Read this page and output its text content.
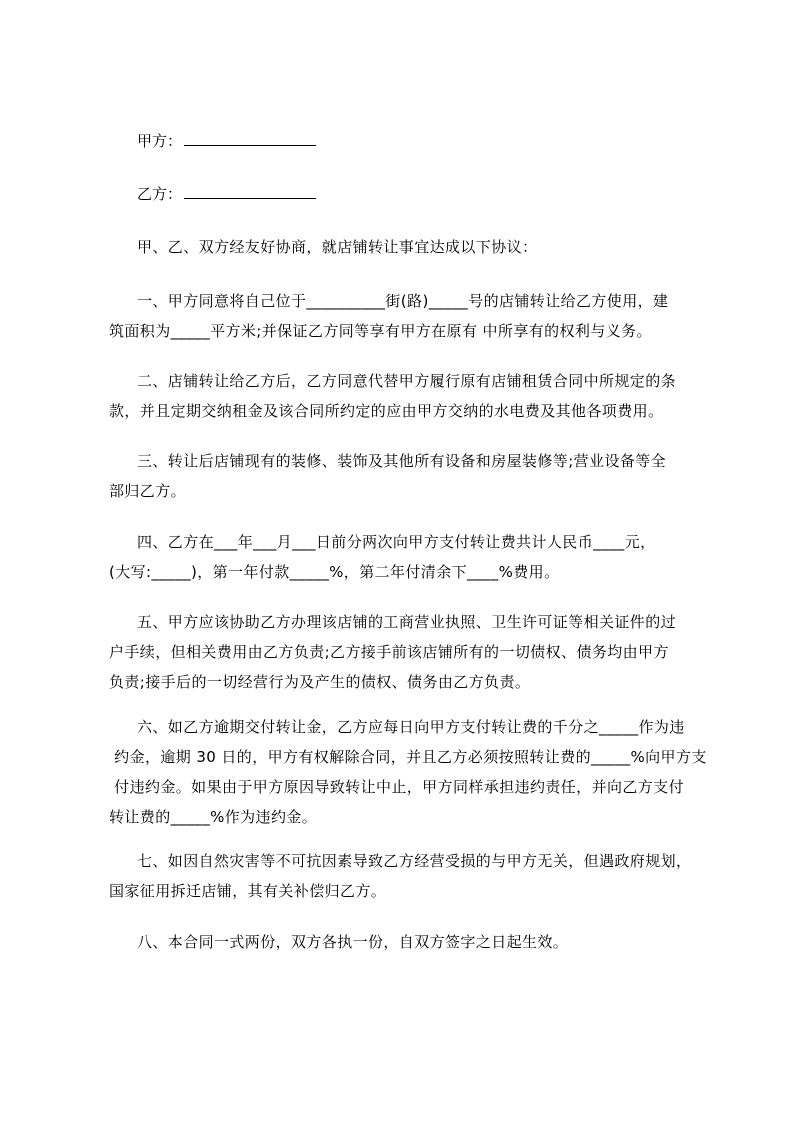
甲方：
乙方：
甲、乙、双方经友好协商，就店铺转让事宜达成以下协议：
一、甲方同意将自己位于__________街(路)_____号的店铺转让给乙方使用，建
筑面积为_____平方米;并保证乙方同等享有甲方在原有 中所享有的权利与义务。
二、店铺转让给乙方后，乙方同意代替甲方履行原有店铺租赁合同中所规定的条
款，并且定期交纳租金及该合同所约定的应由甲方交纳的水电费及其他各项费用。
三、转让后店铺现有的装修、装饰及其他所有设备和房屋装修等;营业设备等全
部归乙方。
四、乙方在___年___月___日前分两次向甲方支付转让费共计人民币____元，
(大写:_____)，第一年付款_____%，第二年付清余下____%费用。
五、甲方应该协助乙方办理该店铺的工商营业执照、卫生许可证等相关证件的过
户手续，但相关费用由乙方负责;乙方接手前该店铺所有的一切债权、债务均由甲方
负责;接手后的一切经营行为及产生的债权、债务由乙方负责。
六、如乙方逾期交付转让金，乙方应每日向甲方支付转让费的千分之_____作为违
约金，逾期 30 日的，甲方有权解除合同，并且乙方必须按照转让费的_____%向甲方支
付违约金。如果由于甲方原因导致转让中止，甲方同样承担违约责任，并向乙方支付
转让费的_____%作为违约金。
七、如因自然灾害等不可抗因素导致乙方经营受损的与甲方无关，但遇政府规划，
国家征用拆迁店铺，其有关补偿归乙方。
八、本合同一式两份，双方各执一份，自双方签字之日起生效。
